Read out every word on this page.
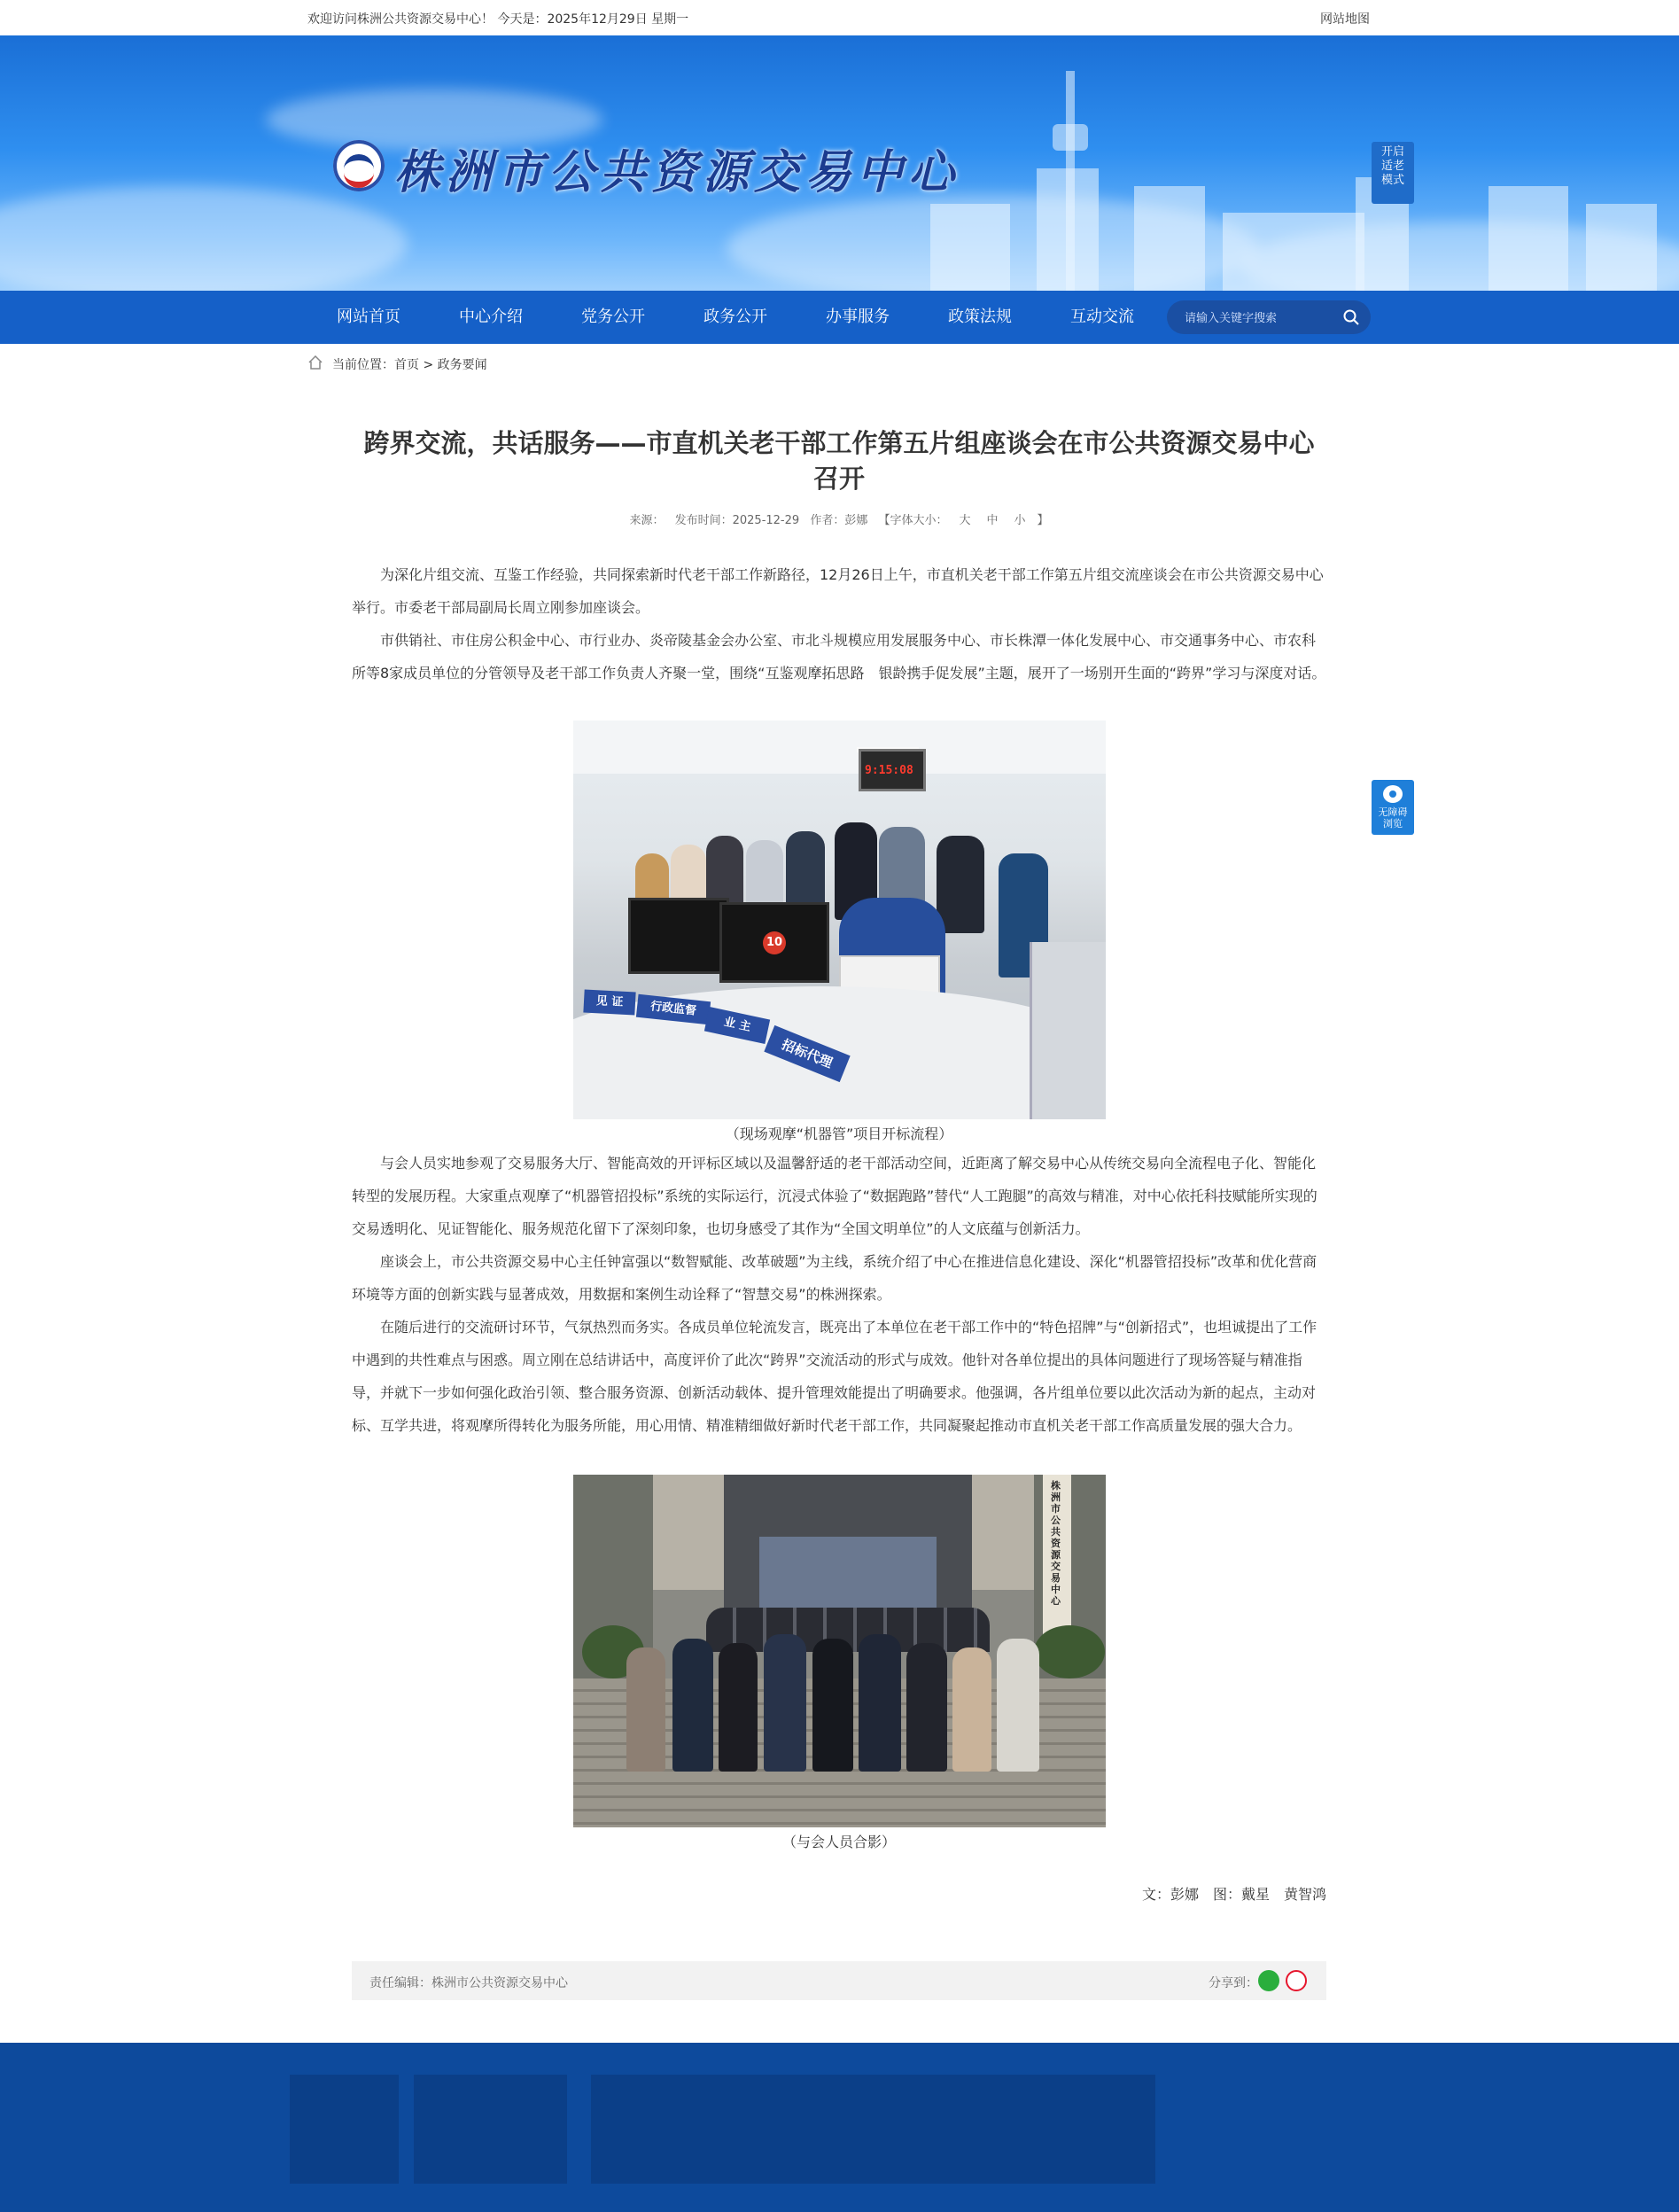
欢迎访问株洲公共资源交易中心！ 今天是：2025年12月29日 星期一	网站地图
株洲市公共资源交易中心	开启适老模式
网站首页	中心介绍	党务公开	政务公开	办事服务	政策法规	互动交流
请输入关键字搜索
当前位置：首页 > 政务要闻
跨界交流，共话服务——市直机关老干部工作第五片组座谈会在市公共资源交易中心召开
来源： 发布时间：2025-12-29 作者：彭娜 【字体大小： 大 中 小 】

为深化片组交流、互鉴工作经验，共同探索新时代老干部工作新路径，12月26日上午，市直机关老干部工作第五片组交流座谈会在市公共资源交易中心举行。市委老干部局副局长周立刚参加座谈会。

市供销社、市住房公积金中心、市行业办、炎帝陵基金会办公室、市北斗规模应用发展服务中心、市长株潭一体化发展中心、市交通事务中心、市农科所等8家成员单位的分管领导及老干部工作负责人齐聚一堂，围绕“互鉴观摩拓思路　银龄携手促发展”主题，展开了一场别开生面的“跨界”学习与深度对话。

9:15:08
10
见 证	行政监督
业 主
招标代理
（现场观摩“机器管”项目开标流程）

与会人员实地参观了交易服务大厅、智能高效的开评标区域以及温馨舒适的老干部活动空间，近距离了解交易中心从传统交易向全流程电子化、智能化转型的发展历程。大家重点观摩了“机器管招投标”系统的实际运行，沉浸式体验了“数据跑路”替代“人工跑腿”的高效与精准，对中心依托科技赋能所实现的交易透明化、见证智能化、服务规范化留下了深刻印象，也切身感受了其作为“全国文明单位”的人文底蕴与创新活力。

座谈会上，市公共资源交易中心主任钟富强以“数智赋能、改革破题”为主线，系统介绍了中心在推进信息化建设、深化“机器管招投标”改革和优化营商环境等方面的创新实践与显著成效，用数据和案例生动诠释了“智慧交易”的株洲探索。

在随后进行的交流研讨环节，气氛热烈而务实。各成员单位轮流发言，既亮出了本单位在老干部工作中的“特色招牌”与“创新招式”，也坦诚提出了工作中遇到的共性难点与困惑。周立刚在总结讲话中，高度评价了此次“跨界”交流活动的形式与成效。他针对各单位提出的具体问题进行了现场答疑与精准指导，并就下一步如何强化政治引领、整合服务资源、创新活动载体、提升管理效能提出了明确要求。他强调，各片组单位要以此次活动为新的起点，主动对标、互学共进，将观摩所得转化为服务所能，用心用情、精准精细做好新时代老干部工作，共同凝聚起推动市直机关老干部工作高质量发展的强大合力。

株洲市公共资源交易中心
（与会人员合影）
文：彭娜　图：戴星　黄智鸿
责任编辑：株洲市公共资源交易中心	分享到：
无障碍浏览
